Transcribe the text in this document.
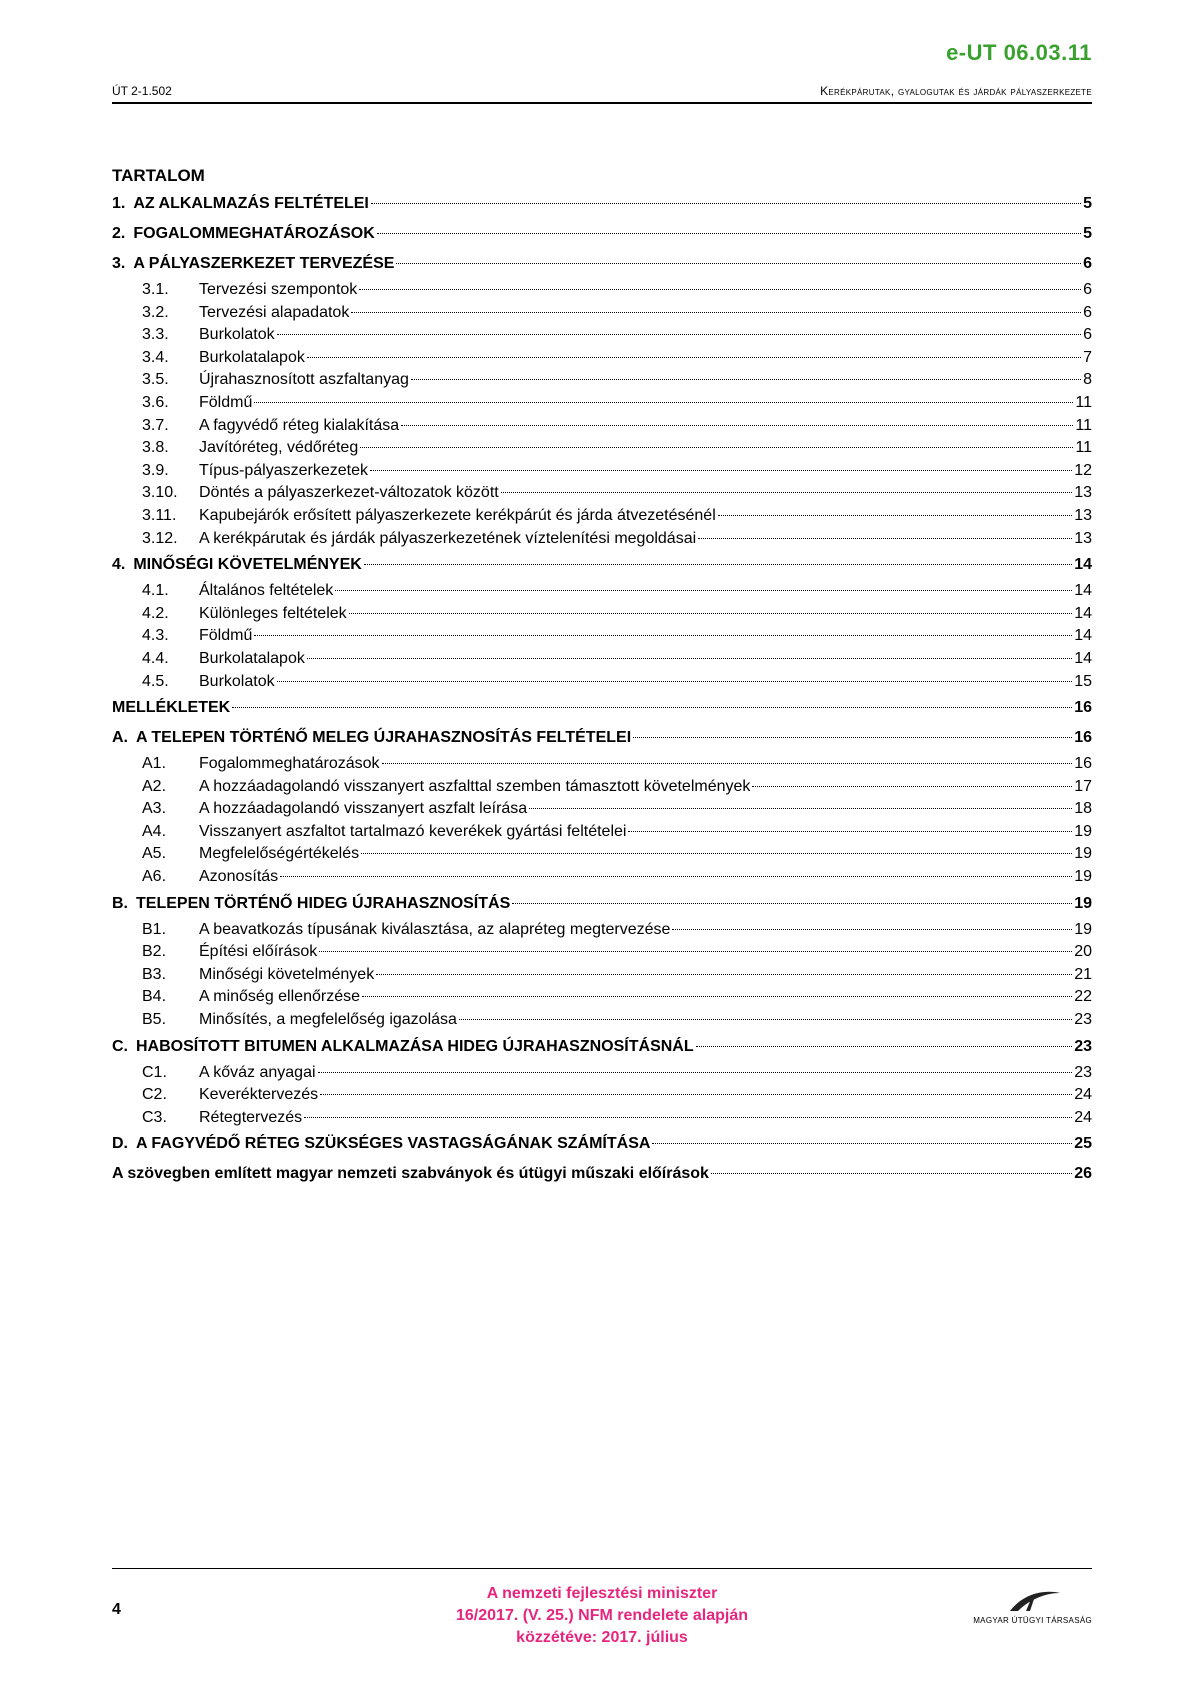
e-UT 06.03.11
ÚT 2-1.502	Kerékpárutak, gyalogutak és járdák pályaszerkezete
TARTALOM
1. AZ ALKALMAZÁS FELTÉTELEI	5
2. FOGALOMMEGHATÁROZÁSOK	5
3. A PÁLYASZERKEZET TERVEZÉSE	6
3.1.	Tervezési szempontok	6
3.2.	Tervezési alapadatok	6
3.3.	Burkolatok	6
3.4.	Burkolatalapok	7
3.5.	Újrahasznosított aszfaltanyag	8
3.6.	Földmű	11
3.7.	A fagyvédő réteg kialakítása	11
3.8.	Javítóréteg, védőréteg	11
3.9.	Típus-pályaszerkezetek	12
3.10.	Döntés a pályaszerkezet-változatok között	13
3.11.	Kapubejárók erősített pályaszerkezete kerékpárút és járda átvezetésénél	13
3.12.	A kerékpárutak és járdák pályaszerkezetének víztelenítési megoldásai	13
4. MINŐSÉGI KÖVETELMÉNYEK	14
4.1.	Általános feltételek	14
4.2.	Különleges feltételek	14
4.3.	Földmű	14
4.4.	Burkolatalapok	14
4.5.	Burkolatok	15
MELLÉKLETEK	16
A. A TELEPEN TÖRTÉNŐ MELEG ÚJRAHASZNOSÍTÁS FELTÉTELEI	16
A1.	Fogalommeghatározások	16
A2.	A hozzáadagolandó visszanyert aszfalttal szemben támasztott követelmények	17
A3.	A hozzáadagolandó visszanyert aszfalt leírása	18
A4.	Visszanyert aszfaltot tartalmazó keverékek gyártási feltételei	19
A5.	Megfelelőségértékelés	19
A6.	Azonosítás	19
B. TELEPEN TÖRTÉNŐ HIDEG ÚJRAHASZNOSÍTÁS	19
B1.	A beavatkozás típusának kiválasztása, az alapréteg megtervezése	19
B2.	Építési előírások	20
B3.	Minőségi követelmények	21
B4.	A minőség ellenőrzése	22
B5.	Minősítés, a megfelelőség igazolása	23
C. HABOSÍTOTT BITUMEN ALKALMAZÁSA HIDEG ÚJRAHASZNOSÍTÁSNÁL	23
C1.	A kőváz anyagai	23
C2.	Keveréktervezés	24
C3.	Rétegtervezés	24
D. A FAGYVÉDŐ RÉTEG SZÜKSÉGES VASTAGSÁGÁNAK SZÁMÍTÁSA	25
A szövegben említett magyar nemzeti szabványok és útügyi műszaki előírások	26
4
A nemzeti fejlesztési miniszter
16/2017. (V. 25.) NFM rendelete alapján
közzétéve: 2017. július
MAGYAR ÚTÜGYI TÁRSASÁG
